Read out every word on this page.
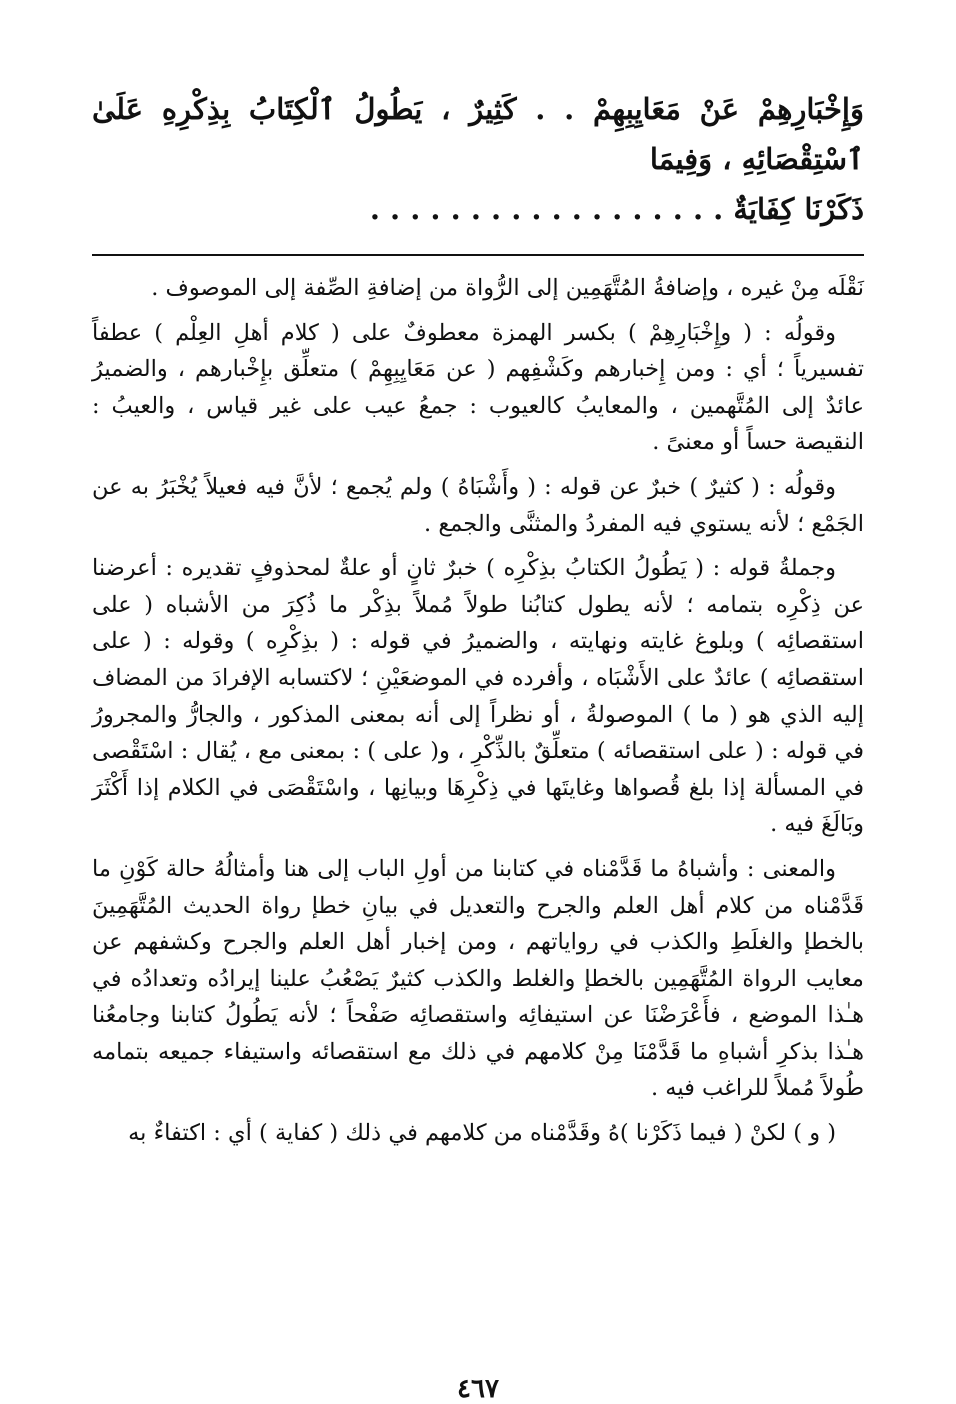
وَإِخْبَارِهِمْ عَنْ مَعَايِبِهِمْ . . كَثِيرٌ ، يَطُولُ ٱلْكِتَابُ بِذِكْرِهِ عَلَىٰ ٱسْتِقْصَائِهِ ، وَفِيمَا

ذَكَرْنَا كِفَايَةٌ . . . . . . . . . . . . . . . . . .

نَقْلَه مِنْ غيره ، وإضافةُ المُتَّهَمِين إلى الرُّواة من إضافةِ الصِّفة إلى الموصوف .

وقولُه : ( وإِخْبَارِهِمْ ) بكسر الهمزة معطوفٌ على ( كلام أهلِ العِلْم ) عطفاً تفسيرياً ؛ أي : ومن إِخبارهم وكَشْفِهم ( عن مَعَايِبِهِمْ ) متعلِّق بإِخْبارهم ، والضميرُ عائدٌ إلى المُتَّهمين ، والمعايبُ كالعيوب : جمعُ عيب على غير قياس ، والعيبُ : النقيصة حساً أو معنىً .

وقولُه : ( كثيرٌ ) خبرٌ عن قوله : ( وأَشْبَاهُ ) ولم يُجمع ؛ لأنَّ فيه فعيلاً يُخْبَرُ به عن الجَمْع ؛ لأنه يستوي فيه المفردُ والمثنَّى والجمع .

وجملةُ قوله : ( يَطُولُ الكتابُ بذِكْرِه ) خبرٌ ثانٍ أو علةٌ لمحذوفٍ تقديره : أعرضنا عن ذِكْرِه بتمامه ؛ لأنه يطول كتابُنا طولاً مُملاً بذِكْر ما ذُكِرَ من الأشباه ( على استقصائِه ) وبلوغ غايته ونهايته ، والضميرُ في قوله : ( بذِكْرِه ) وقوله : ( على استقصائِه ) عائدٌ على الأَشْبَاه ، وأفرده في الموضعَيْنِ ؛ لاكتسابه الإفرادَ من المضاف إليه الذي هو ( ما ) الموصولةُ ، أو نظراً إلى أنه بمعنى المذكور ، والجارُّ والمجرورُ في قوله : ( على استقصائه ) متعلِّقٌ بالذِّكْرِ ، و( على ) : بمعنى مع ، يُقال : اسْتَقْصى في المسألة إذا بلغ قُصواها وغايتَها في ذِكْرِهَا وبيانِها ، واسْتَقْصَى في الكلام إذا أَكْثَرَ وبَالَغَ فيه .

والمعنى : وأشباهُ ما قَدَّمْناه في كتابنا من أولِ الباب إلى هنا وأمثالُهُ حالة كَوْنِ ما قَدَّمْناه من كلام أهل العلم والجرح والتعديل في بيانِ خطإ رواة الحديث المُتَّهَمِينَ بالخطإ والغلَطِ والكذب في رواياتهم ، ومن إخبار أهل العلم والجرح وكشفهم عن معايب الرواة المُتَّهَمِين بالخطإ والغلط والكذب كثيرٌ يَصْعُبُ علينا إيرادُه وتعدادُه في هـٰذا الموضع ، فأَعْرَضْنَا عن استيفائِه واستقصائِه صَفْحاً ؛ لأنه يَطُولُ كتابنا وجامعُنا هـٰذا بذكرِ أشباهِ ما قَدَّمْنَا مِنْ كلامهم في ذلك مع استقصائه واستيفاء جميعه بتمامه طُولاً مُملاً للراغب فيه .

( و ) لكنْ ( فيما ذَكَرْنا )هُ وقَدَّمْناه من كلامهم في ذلك ( كفاية ) أي : اكتفاءٌ به

٤٦٧
